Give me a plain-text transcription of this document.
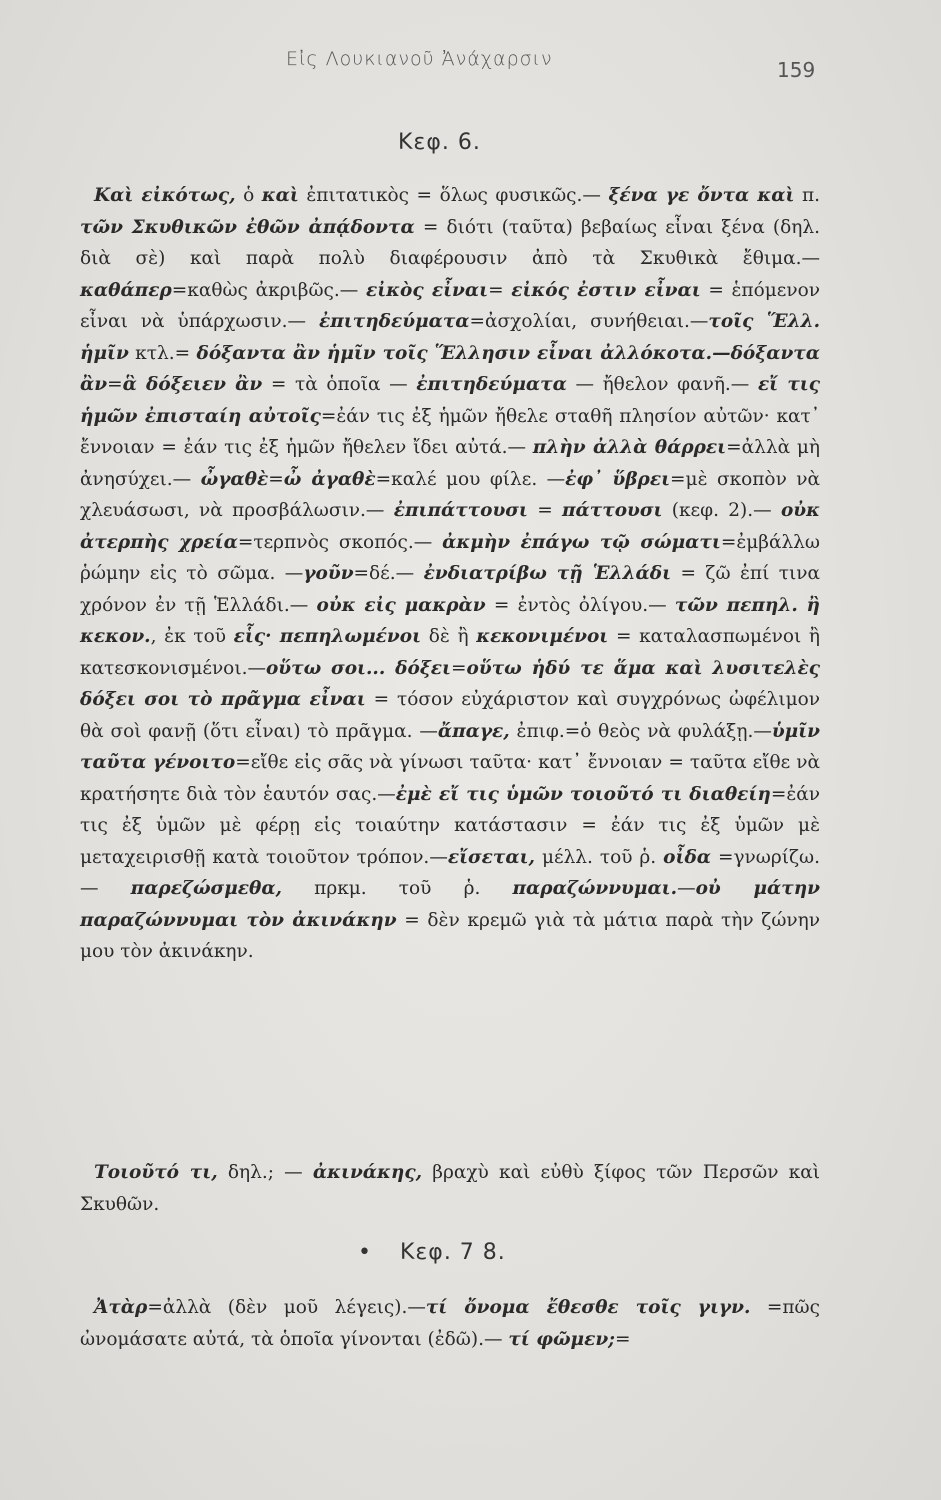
Εἰς Λουκιανοῦ Ἀνάχαρσιν	159
Κεφ. 6.
Καὶ εἰκότως, ὁ καὶ ἐπιτατικὸς = ὅλως φυσικῶς.— ξένα γε ὄντα καὶ π. τῶν Σκυθικῶν ἐθῶν ἀπᾴδοντα = διότι (ταῦτα) βεβαίως εἶναι ξένα (δηλ. διὰ σὲ) καὶ παρὰ πολὺ διαφέρουσιν ἀπὸ τὰ Σκυθικὰ ἔθιμα.— καθάπερ=καθὼς ἀκριβῶς.— εἰκὸς εἶναι= εἰκός ἐστιν εἶναι = ἑπόμενον εἶναι νὰ ὑπάρχωσιν.— ἐπιτηδεύματα=ἀσχολίαι, συνήθειαι.—τοῖς Ἕλλ. ἡμῖν κτλ.= δόξαντα ἂν ἡμῖν τοῖς Ἕλλησιν εἶναι ἀλλόκοτα.—δόξαντα ἂν=ἃ δόξειεν ἂν = τὰ ὁποῖα — ἐπιτηδεύματα — ἤθελον φανῆ.— εἴ τις ἡμῶν ἐπισταίη αὐτοῖς=ἐάν τις ἐξ ἡμῶν ἤθελε σταθῆ πλησίον αὐτῶν· κατ᾽ ἔννοιαν = ἐάν τις ἐξ ἡμῶν ἤθελεν ἴδει αὐτά.— πλὴν ἀλλὰ θάρρει=ἀλλὰ μὴ ἀνησύχει.— ὦγαθὲ=ὦ ἀγαθὲ=καλέ μου φίλε. —ἐφ᾽ ὕβρει=μὲ σκοπὸν νὰ χλευάσωσι, νὰ προσβάλωσιν.— ἐπιπάττουσι = πάττουσι (κεφ. 2).— οὐκ ἀτερπὴς χρεία=τερπνὸς σκοπός.— ἀκμὴν ἐπάγω τῷ σώματι=ἐμβάλλω ῥώμην εἰς τὸ σῶμα. —γοῦν=δέ.— ἐνδιατρίβω τῇ Ἑλλάδι = ζῶ ἐπί τινα χρόνον ἐν τῇ Ἑλλάδι.— οὐκ εἰς μακρὰν = ἐντὸς ὀλίγου.— τῶν πεπηλ. ἢ κεκον., ἐκ τοῦ εἷς· πεπηλωμένοι δὲ ἢ κεκονιμένοι = καταλασπωμένοι ἢ κατεσκονισμένοι.—οὕτω σοι... δόξει=οὕτω ἡδύ τε ἅμα καὶ λυσιτελὲς δόξει σοι τὸ πρᾶγμα εἶναι = τόσον εὐχάριστον καὶ συγχρόνως ὠφέλιμον θὰ σοὶ φανῇ (ὅτι εἶναι) τὸ πρᾶγμα. —ἄπαγε, ἐπιφ.=ὁ θεὸς νὰ φυλάξῃ.—ὑμῖν ταῦτα γένοιτο=εἴθε εἰς σᾶς νὰ γίνωσι ταῦτα· κατ᾽ ἔννοιαν = ταῦτα εἴθε νὰ κρατήσητε διὰ τὸν ἑαυτόν σας.—ἐμὲ εἴ τις ὑμῶν τοιοῦτό τι διαθείη=ἐάν τις ἐξ ὑμῶν μὲ φέρῃ εἰς τοιαύτην κατάστασιν = ἐάν τις ἐξ ὑμῶν μὲ μεταχειρισθῇ κατὰ τοιοῦτον τρόπον.—εἴσεται, μέλλ. τοῦ ῥ. οἶδα =γνωρίζω.— παρεζώσμεθα, πρκμ. τοῦ ῥ. παραζώννυμαι.—οὐ μάτην παραζώννυμαι τὸν ἀκινάκην = δὲν κρεμῶ γιὰ τὰ μάτια παρὰ τὴν ζώνην μου τὸν ἀκινάκην.
Τοιοῦτό τι, δηλ.; — ἀκινάκης, βραχὺ καὶ εὐθὺ ξίφος τῶν Περσῶν καὶ Σκυθῶν.
• Κεφ. 7 8.
Ἀτὰρ=ἀλλὰ (δὲν μοῦ λέγεις).—τί ὄνομα ἔθεσθε τοῖς γιγν. =πῶς ὠνομάσατε αὐτά, τὰ ὁποῖα γίνονται (ἐδῶ).— τί φῶμεν;=
